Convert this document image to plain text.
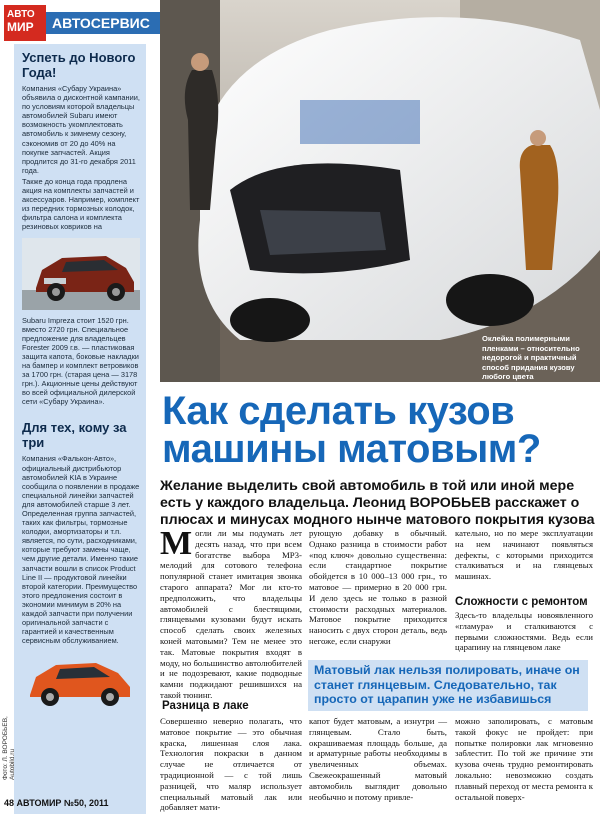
АВТО
МИР	АВТОСЕРВИС
Успеть до Нового Года!
Компания «Субару Украина» объявила о дисконтной кампании, по условиям которой владельцы автомобилей Subaru имеют возможность укомплектовать автомобиль к зимнему сезону, сэкономив от 20 до 40% на покупке запчастей. Акция продлится до 31-го декабря 2011 года.
Также до конца года продлена акция на комплекты запчастей и аксессуаров. Например, комплект из передних тормозных колодок, фильтра салона и комплекта резиновых ковриков на
Subaru Impreza стоит 1520 грн. вместо 2720 грн. Специальное предложение для владельцев Forester 2009 г.в. — пластиковая защита капота, боковые накладки на бампер и комплект ветровиков за 1700 грн. (старая цена — 3178 грн.). Акционные цены действуют во всей официальной дилерской сети «Субару Украина».
Для тех, кому за три
Компания «Фалькон-Авто», официальный дистрибьютор автомобилей KIA в Украине сообщила о появлении в продаже специальной линейки запчастей для автомобилей старше 3 лет. Определенная группа запчастей, таких как фильтры, тормозные колодки, амортизаторы и т.п. является, по сути, расходниками, которые требуют замены чаще, чем другие детали. Именно такие запчасти вошли в список Product Line II — продуктовой линейки второй категории. Преимущество этого предложения состоит в экономии минимум в 20% на каждой запчасти при получении оригинальной запчасти с гарантией и качественным сервисным обслуживанием.
Фото: Л. ВОРОБЬЕВ, Autobild.ru
Оклейка полимерными пленками – относительно недорогой и практичный способ придания кузову любого цвета
Как сделать кузов машины матовым?
Желание выделить свой автомобиль в той или иной мере есть у каждого владельца. Леонид ВОРОБЬЕВ расскажет о плюсах и минусах модного нынче матового покрытия кузова
М огли ли мы подумать лет десять назад, что при всем богатстве выбора MP3-мелодий для сотового телефона популярной станет имитация звонка старого аппарата? Мог ли кто-то предположить, что владельцы автомобилей с блестящими, глянцевыми кузовами будут искать способ сделать своих железных коней матовыми? Тем не менее это так. Матовые покрытия входят в моду, но большинство автолюбителей и не подозревают, какие подводные камни поджидают решившихся на такой тюнинг.
рующую добавку в обычный. Однако разница в стоимости работ «под ключ» довольно существенна: если стандартное покрытие обойдется в 10 000–13 000 грн., то матовое — примерно в 20 000 грн. И дело здесь не только в разной стоимости расходных материалов. Матовое покрытие приходится наносить с двух сторон деталь, ведь негоже, если снаружи
кательно, но по мере эксплуатации на нем начинают появляться дефекты, с которыми приходится сталкиваться и на глянцевых машинах.
Сложности с ремонтом
Здесь-то владельцы новоявленного «гламура» и сталкиваются с первыми сложностями. Ведь если царапину на глянцевом лаке
Матовый лак нельзя полировать, иначе он станет глянцевым. Следовательно, так просто от царапин уже не избавишься
Разница в лаке
Совершенно неверно полагать, что матовое покрытие — это обычная краска, лишенная слоя лака. Технология покраски в данном случае не отличается от традиционной — с той лишь разницей, что маляр использует специальный матовый лак или добавляет мати-
капот будет матовым, а изнутри — глянцевым. Стало быть, окрашиваемая площадь больше, да и арматурные работы необходимы в увеличенных объемах. Свежеокрашенный матовый автомобиль выглядит довольно необычно и потому привле-
можно заполировать, с матовым такой фокус не пройдет: при попытке полировки лак мгновенно заблестит. По той же причине эти кузова очень трудно ремонтировать локально: невозможно создать плавный переход от места ремонта к остальной поверх-
48 АВТОМИР №50, 2011
